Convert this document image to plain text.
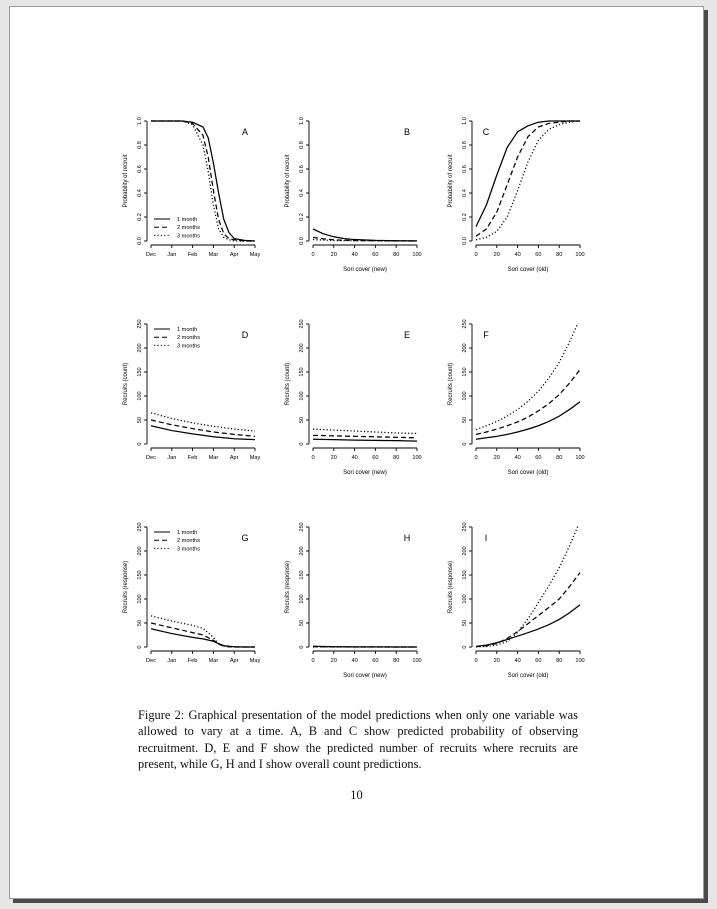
Dec Jan Feb Mar Apr May
0.0
0.2
0.4
0.6
0.8
1.0
Probability of recruit
A
1 month
2 months
3 months
0	20	40	60	80 100
0.0
0.2
0.4
0.6
0.8
1.0
Probability of recruit
Sori cover (new)
B
0	20	40	60	80 100
0.0
0.2
0.4
0.6
0.8
1.0
Probability of recruit
Sori cover (old)
C
Dec Jan Feb Mar Apr May
0
50
100
150
200
250
Recruits (count)
D
1 month
2 months
3 months
0	20	40	60	80 100
0
50
100
150
200
250
Recruits (count)
Sori cover (new)
E
0	20	40	60	80 100
0
50
100
150
200
250
Recruits (count)
Sori cover (old)
F
Dec Jan Feb Mar Apr May
0
50
100
150
200
250
Recruits (response)
G
1 month
2 months
3 months
0	20	40	60	80 100
0
50
100
150
200
250
Recruits (response)
Sori cover (new)
H
0	20	40	60	80 100
0
50
100
150
200
250
Recruits (response)
Sori cover (old)
I

Figure 2: Graphical presentation of the model predictions when only one variable was allowed to vary at a time. A, B and C show predicted probability of observing recruitment. D, E and F show the predicted number of recruits where recruits are present, while G, H and I show overall count predictions.

10
